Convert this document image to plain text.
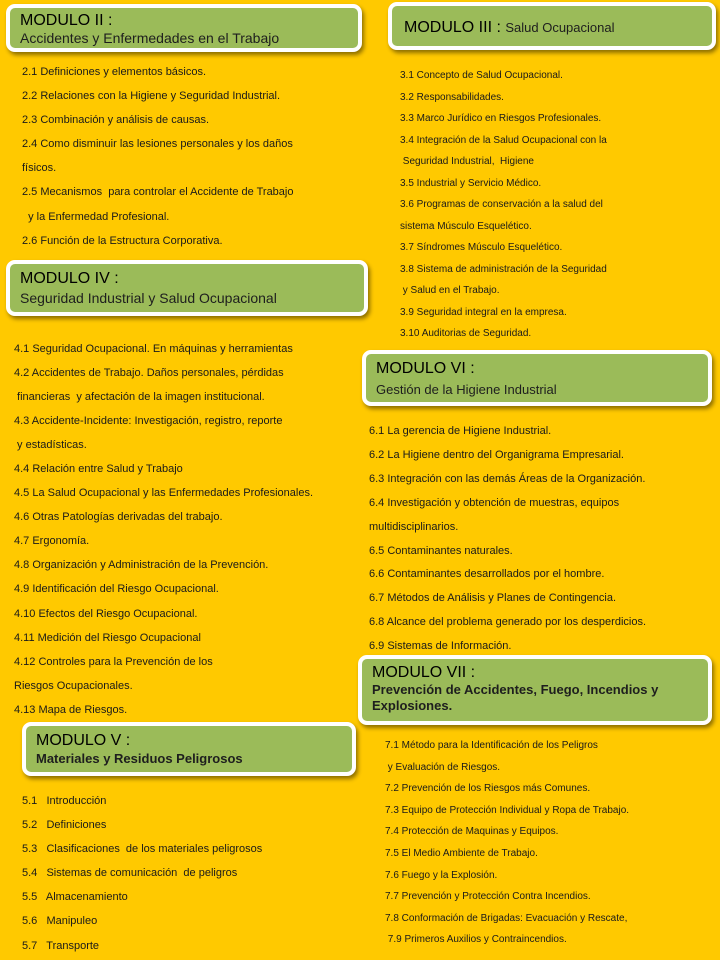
MODULO II :
Accidentes y Enfermedades en el Trabajo
MODULO III : Salud Ocupacional
2.1 Definiciones y elementos básicos.
2.2 Relaciones con la Higiene y Seguridad Industrial.
2.3 Combinación y análisis de causas.
2.4 Como disminuir las lesiones personales y los daños
físicos.
2.5 Mecanismos  para controlar el Accidente de Trabajo
y la Enfermedad Profesional.
2.6 Función de la Estructura Corporativa.
3.1 Concepto de Salud Ocupacional.
3.2 Responsabilidades.
3.3 Marco Jurídico en Riesgos Profesionales.
3.4 Integración de la Salud Ocupacional con la
Seguridad Industrial,  Higiene
3.5 Industrial y Servicio Médico.
3.6 Programas de conservación a la salud del
sistema Músculo Esquelético.
3.7 Síndromes Músculo Esquelético.
3.8 Sistema de administración de la Seguridad
y Salud en el Trabajo.
3.9 Seguridad integral en la empresa.
3.10 Auditorias de Seguridad.
MODULO IV :
Seguridad Industrial y Salud Ocupacional
4.1 Seguridad Ocupacional. En máquinas y herramientas
4.2 Accidentes de Trabajo. Daños personales, pérdidas
financieras  y afectación de la imagen institucional.
4.3 Accidente-Incidente: Investigación, registro, reporte
y estadísticas.
4.4 Relación entre Salud y Trabajo
4.5 La Salud Ocupacional y las Enfermedades Profesionales.
4.6 Otras Patologías derivadas del trabajo.
4.7 Ergonomía.
4.8 Organización y Administración de la Prevención.
4.9 Identificación del Riesgo Ocupacional.
4.10 Efectos del Riesgo Ocupacional.
4.11 Medición del Riesgo Ocupacional
4.12 Controles para la Prevención de los
Riesgos Ocupacionales.
4.13 Mapa de Riesgos.
MODULO VI :
Gestión de la Higiene Industrial
6.1 La gerencia de Higiene Industrial.
6.2 La Higiene dentro del Organigrama Empresarial.
6.3 Integración con las demás Áreas de la Organización.
6.4 Investigación y obtención de muestras, equipos
multidisciplinarios.
6.5 Contaminantes naturales.
6.6 Contaminantes desarrollados por el hombre.
6.7 Métodos de Análisis y Planes de Contingencia.
6.8 Alcance del problema generado por los desperdicios.
6.9 Sistemas de Información.
MODULO VII :
Prevención de Accidentes, Fuego, Incendios y
Explosiones.
MODULO V :
Materiales y Residuos Peligrosos
7.1 Método para la Identificación de los Peligros
y Evaluación de Riesgos.
7.2 Prevención de los Riesgos más Comunes.
7.3 Equipo de Protección Individual y Ropa de Trabajo.
7.4 Protección de Maquinas y Equipos.
7.5 El Medio Ambiente de Trabajo.
7.6 Fuego y la Explosión.
7.7 Prevención y Protección Contra Incendios.
7.8 Conformación de Brigadas: Evacuación y Rescate,
7.9 Primeros Auxilios y Contraincendios.
5.1   Introducción
5.2   Definiciones
5.3   Clasificaciones  de los materiales peligrosos
5.4   Sistemas de comunicación  de peligros
5.5   Almacenamiento
5.6   Manipuleo
5.7   Transporte
